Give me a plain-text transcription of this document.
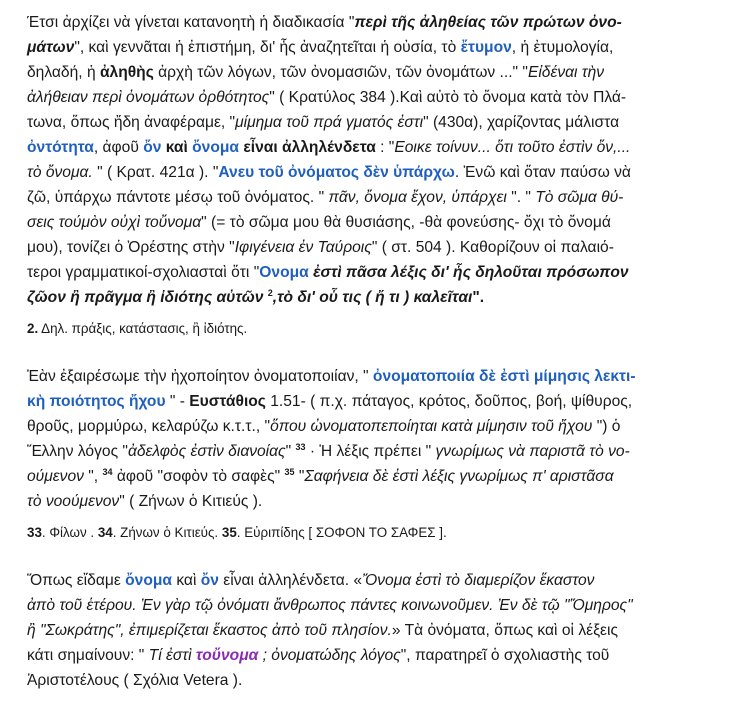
Έτσι ἀρχίζει νὰ γίνεται κατανοητὴ ἡ διαδικασία "περὶ τῆς ἀληθείας τῶν πρώτων ὀνο-
μάτων", καὶ γεννᾶται ἡ ἐπιστήμη, δι' ἧς ἀναζητεῖται ἡ οὐσία, τὸ ἔτυμον, ἡ ἐτυμολογία,
δηλαδή, ἡ ἀληθὴς ἀρχὴ τῶν λόγων, τῶν ὀνομασιῶν, τῶν ὀνομάτων ..." "Εἰδέναι τὴν
ἀλήθειαν περὶ ὀνομάτων ὀρθότητος" ( Κρατύλος 384 ).Καὶ αὐτὸ τὸ ὄνομα κατὰ τὸν Πλά-
τωνα, ὅπως ἤδη ἀναφέραμε, "μίμημα τοῦ πρά γματός ἐστι" (430α), χαρίζοντας μάλιστα
ὀντότητα, ἀφοῦ ὄν καὶ ὄνομα εἶναι ἀλληλένδετα : "Εοικε τοίνυν... ὅτι τοῦτο ἐστὶν ὄν,...
τὸ ὄνομα. " ( Κρατ. 421α ). "Ανευ τοῦ ὀνόματος δὲν ὑπάρχω. Ἐνῶ καὶ ὅταν παύσω νὰ
ζῶ, ὑπάρχω πάντοτε μέσῳ τοῦ ὀνόματος. " πᾶν, ὄνομα ἔχον, ὑπάρχει ". " Τὸ σῶμα θύ-
σεις τούμὸν οὐχὶ τοὔνομα" (= τὸ σῶμα μου θὰ θυσιάσης, -θὰ φονεύσης- ὄχι τὸ ὄνομά
μου), τονίζει ὁ Ὀρέστης στὴν "Ιφιγένεια ἐν Ταύροις" ( στ. 504 ). Καθορίζουν οἱ παλαιό-
τεροι γραμματικοί-σχολιασταὶ ὅτι "Ονομα ἐστὶ πᾶσα λέξις δι' ἧς δηλοῦται πρόσωπον
ζῶον ἢ πρᾶγμα ἢ ἰδιότης αὐτῶν $^2$,τὸ δι' οὗ τις ( ἤ τι ) καλεῖται".
2. Δηλ. πράξις, κατάστασις, ἢ ἰδιότης.
Ἐὰν ἐξαιρέσωμε τὴν ἠχοποίητον ὀνοματοποιίαν, " ὀνοματοποιία δὲ ἐστὶ μίμησις λεκτι-
κὴ ποιότητος ἤχου " - Ευστάθιος 1.51- ( π.χ. πάταγος, κρότος, δοῦπος, βοή, ψίθυρος,
θροῦς, μορμύρω, κελαρύζω κ.τ.τ., "ὅπου ὠνοματοπεποίηται κατὰ μίμησιν τοῦ ἤχου ") ὁ
Ἕλλην λόγος "ἀδελφὸς ἐστὶν διανοίας" $^{33}$ · Ἡ λέξις πρέπει " γνωρίμως νὰ παριστᾶ τὸ νο-
ούμενον ", $^{34}$ ἀφοῦ "σοφὸν τὸ σαφὲς" $^{35}$ "Σαφήνεια δὲ ἐστὶ λέξις γνωρίμως π' αριστᾶσα
τὸ νοούμενον" ( Ζήνων ὁ Κιτιεύς ).
33. Φίλων . 34. Ζήνων ὁ Κιτιεύς. 35. Εὐριπίδης [ ΣΟΦΟΝ ΤΟ ΣΑΦΕΣ ].
Ὅπως εἴδαμε ὄνομα καὶ ὄν εἶναι ἀλληλένδετα. «Ὄνομα ἐστὶ τὸ διαμερίζον ἕκαστον
ἀπὸ τοῦ ἑτέρου. Ἐν γὰρ τῷ ὀνόματι ἄνθρωπος πάντες κοινωνοῦμεν. Ἐν δὲ τῷ "Ὅμηρος"
ἢ "Σωκράτης", ἐπιμερίζεται ἕκαστος ἀπὸ τοῦ πλησίον.» Τὰ ὀνόματα, ὅπως καὶ οἱ λέξεις
κάτι σημαίνουν: " Τί ἐστὶ τοὔνομα ; ὀνοματώδης λόγος", παρατηρεῖ ὁ σχολιαστὴς τοῦ
Ἀριστοτέλους ( Σχόλια Vetera ).
